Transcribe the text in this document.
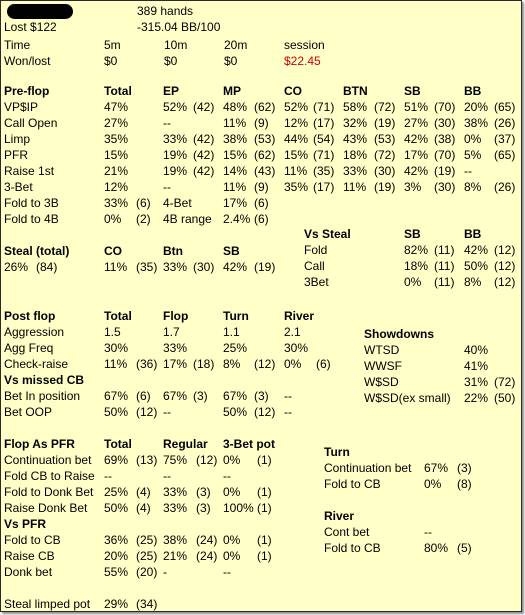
389 hands
Lost $122	-315.04 BB/100
Time	5m	10m	20m	session
Won/lost	$0	$0	$0	$22.45
Pre-flop	Total	EP	MP	CO	BTN	SB	BB
VP$IP	47%	52% (42) 48% (62) 52% (71) 58% (72) 51% (70) 20% (65)
Call Open	27%	--	11% (9) 12% (17) 32% (19) 27% (30) 38% (26)
Limp	35%	33% (42) 38% (53) 44% (54) 43% (53) 42% (38) 0% (37)
PFR	15%	19% (42) 15% (62) 15% (71) 18% (72) 17% (70) 5% (65)
Raise 1st	21%	19% (42) 14% (43) 11% (35) 33% (30) 42% (19) --
3-Bet	12%	--	11% (9) 35% (17) 11% (19) 3% (30) 8% (26)
Fold to 3B	33% (6) 4-Bet	17% (6)
Fold to 4B	0% (2) 4B range 2.4% (6)
Vs Steal	SB	BB
Fold	82% (11) 42% (12)
Call	18% (11) 50% (12)
3Bet	0% (11) 8% (12)
Steal (total)	CO	Btn	SB
26% (84)	11% (35) 33% (30) 42% (19)
Post flop	Total	Flop	Turn	River
Aggression	1.5	1.7	1.1	2.1
Agg Freq	30%	33%	25%	30%
Check-raise	11% (36) 17% (18) 8% (12) 0% (6)
Vs missed CB
Bet In position 67% (6) 67% (3) 67% (3) --
Bet OOP	50% (12) --	50% (12) --
Showdowns
WTSD	40%
WWSF	41%
W$SD	31% (72)
W$SD(ex small) 22% (50)
Flop As PFR Total	Regular 3-Bet pot
Continuation bet 69% (13) 75% (12) 0% (1)
Fold CB to Raise --	--	--
Fold to Donk Bet 25% (4) 33% (3) 0% (1)
Raise Donk Bet 50% (4) 33% (3) 100% (1)
Vs PFR
Fold to CB	36% (25) 38% (24) 0% (1)
Raise CB	20% (25) 21% (24) 0% (1)
Donk bet	55% (20) -	--
Steal limped pot 29% (34)
Turn
Continuation bet 67% (3)
Fold to CB	0% (8)
River
Cont bet	--
Fold to CB	80% (5)
